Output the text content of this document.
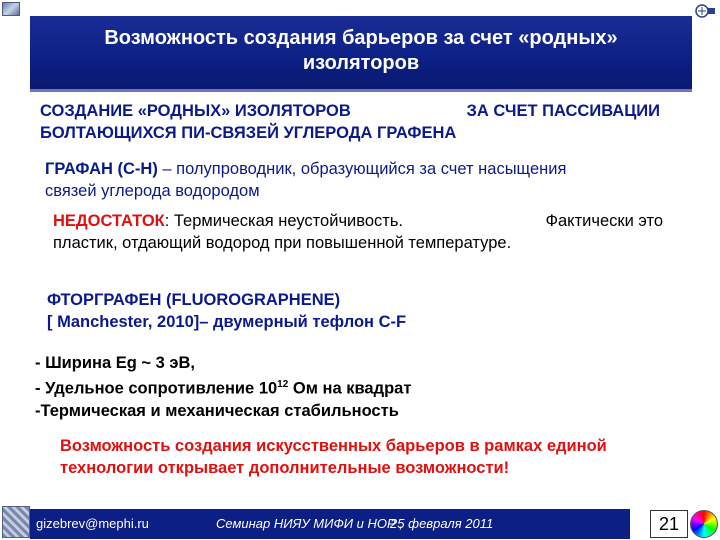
Возможность создания барьеров за счет «родных»
изоляторов
СОЗДАНИЕ «РОДНЫХ» ИЗОЛЯТОРОВ	ЗА СЧЕТ ПАССИВАЦИИ
БОЛТАЮЩИХСЯ ПИ-СВЯЗЕЙ УГЛЕРОДА ГРАФЕНА
ГРАФАН (С-Н) – полупроводник, образующийся за счет насыщения
связей углерода водородом
НЕДОСТАТОК: Термическая неустойчивость.	Фактически это
пластик, отдающий водород при повышенной температуре.
ФТОРГРАФЕН (FLUOROGRAPHENE)
[ Manchester, 2010]– двумерный тефлон C-F
- Ширина Eg ~ 3 эВ,
- Удельное сопротивление $10^{12}$ Ом на квадрат
-Термическая и механическая стабильность
Возможность создания искусственных барьеров в рамках единой
технологии открывает дополнительные возможности!
gizebrev@mephi.ru	Семинар НИЯУ МИФИ и НОР ,
25 февраля 2011	21
